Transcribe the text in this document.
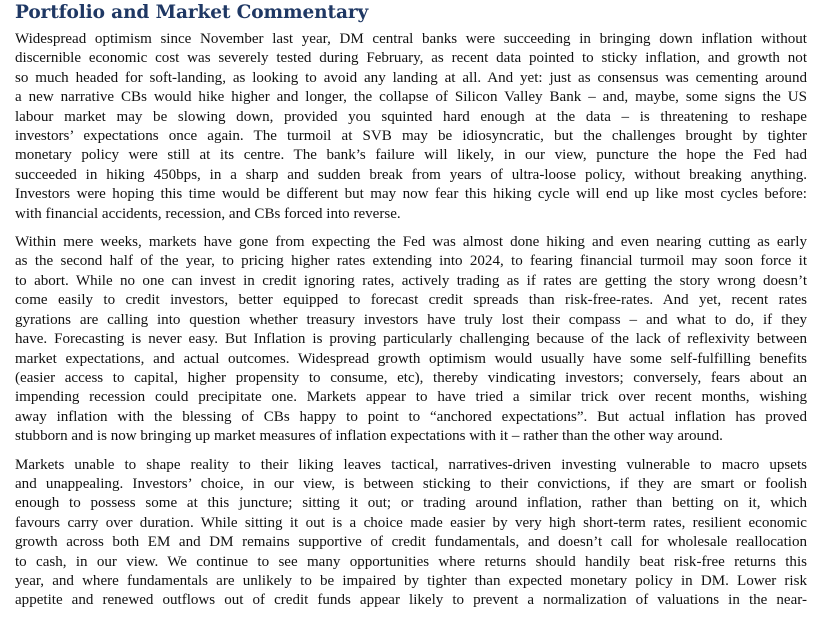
Portfolio and Market Commentary
Widespread optimism since November last year, DM central banks were succeeding in bringing down inflation without
discernible economic cost was severely tested during February, as recent data pointed to sticky inflation, and growth not
so much headed for soft-landing, as looking to avoid any landing at all. And yet: just as consensus was cementing around
a new narrative CBs would hike higher and longer, the collapse of Silicon Valley Bank – and, maybe, some signs the US
labour market may be slowing down, provided you squinted hard enough at the data – is threatening to reshape
investors’ expectations once again. The turmoil at SVB may be idiosyncratic, but the challenges brought by tighter
monetary policy were still at its centre. The bank’s failure will likely, in our view, puncture the hope the Fed had
succeeded in hiking 450bps, in a sharp and sudden break from years of ultra-loose policy, without breaking anything.
Investors were hoping this time would be different but may now fear this hiking cycle will end up like most cycles before:
with financial accidents, recession, and CBs forced into reverse.
Within mere weeks, markets have gone from expecting the Fed was almost done hiking and even nearing cutting as early
as the second half of the year, to pricing higher rates extending into 2024, to fearing financial turmoil may soon force it
to abort. While no one can invest in credit ignoring rates, actively trading as if rates are getting the story wrong doesn’t
come easily to credit investors, better equipped to forecast credit spreads than risk-free-rates. And yet, recent rates
gyrations are calling into question whether treasury investors have truly lost their compass – and what to do, if they
have. Forecasting is never easy. But Inflation is proving particularly challenging because of the lack of reflexivity between
market expectations, and actual outcomes. Widespread growth optimism would usually have some self-fulfilling benefits
(easier access to capital, higher propensity to consume, etc), thereby vindicating investors; conversely, fears about an
impending recession could precipitate one. Markets appear to have tried a similar trick over recent months, wishing
away inflation with the blessing of CBs happy to point to “anchored expectations”. But actual inflation has proved
stubborn and is now bringing up market measures of inflation expectations with it – rather than the other way around.
Markets unable to shape reality to their liking leaves tactical, narratives-driven investing vulnerable to macro upsets
and unappealing. Investors’ choice, in our view, is between sticking to their convictions, if they are smart or foolish
enough to possess some at this juncture; sitting it out; or trading around inflation, rather than betting on it, which
favours carry over duration. While sitting it out is a choice made easier by very high short-term rates, resilient economic
growth across both EM and DM remains supportive of credit fundamentals, and doesn’t call for wholesale reallocation
to cash, in our view. We continue to see many opportunities where returns should handily beat risk-free returns this
year, and where fundamentals are unlikely to be impaired by tighter than expected monetary policy in DM. Lower risk
appetite and renewed outflows out of credit funds appear likely to prevent a normalization of valuations in the near-
